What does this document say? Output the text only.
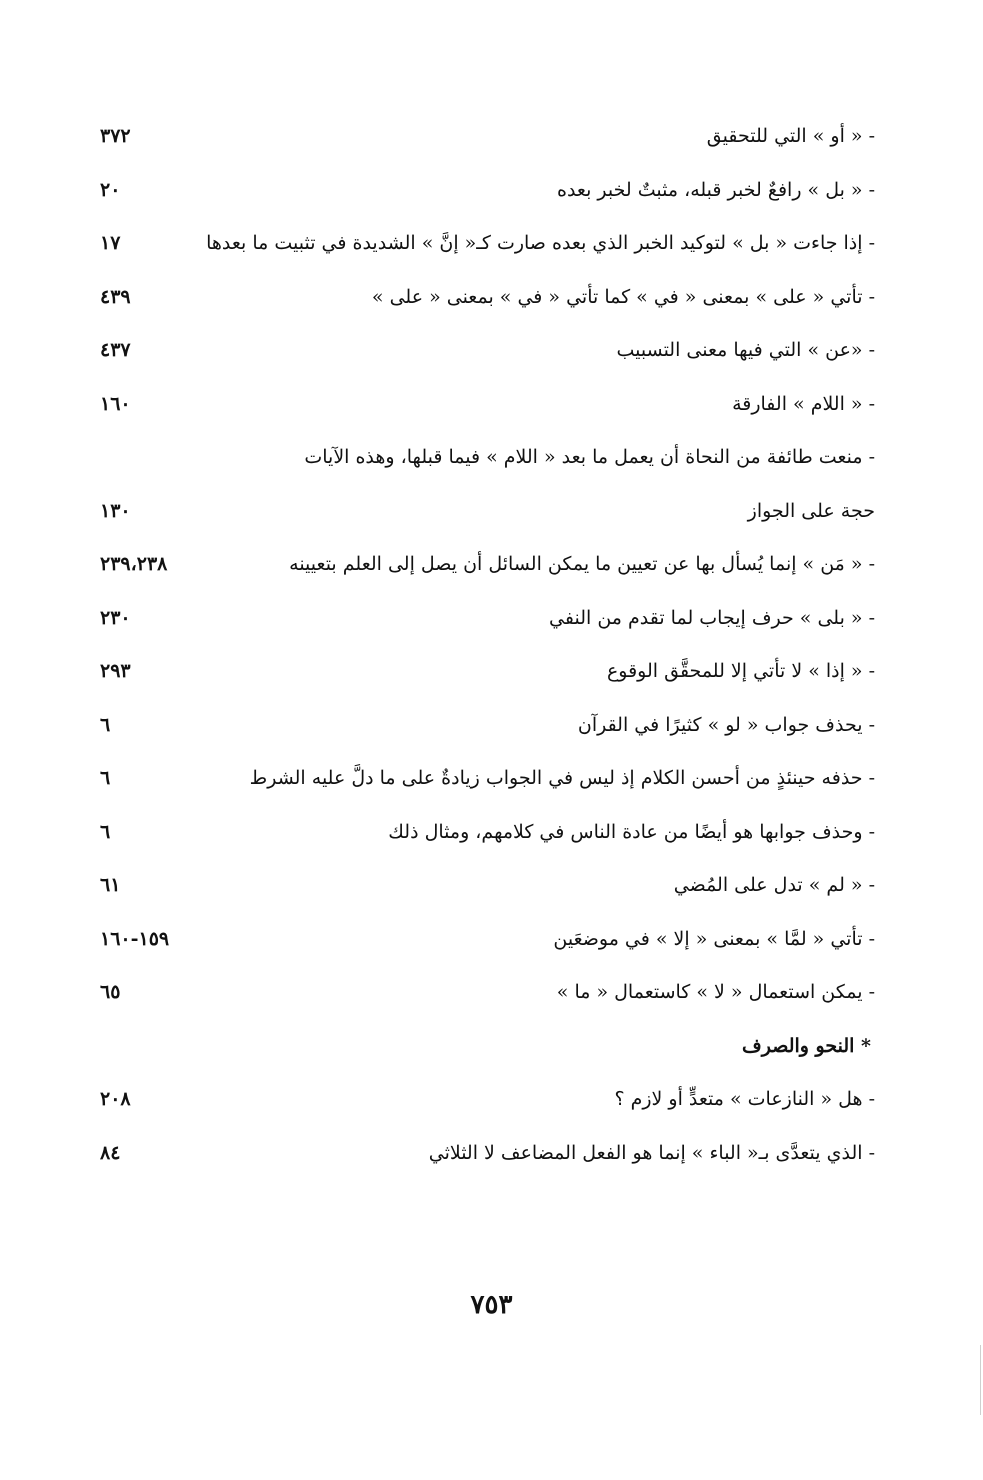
- « أو » التي للتحقيق
٣٧٢
- « بل » رافعٌ لخبر قبله، مثبتٌ لخبر بعده
٢٠
- إذا جاءت « بل » لتوكيد الخبر الذي بعده صارت كـ« إنَّ » الشديدة في تثبيت ما بعدها
١٧
- تأتي « على » بمعنى « في » كما تأتي « في » بمعنى « على »
٤٣٩
- «عن » التي فيها معنى التسبيب
٤٣٧
- « اللام » الفارقة
١٦٠
- منعت طائفة من النحاة أن يعمل ما بعد « اللام » فيما قبلها، وهذه الآيات
حجة على الجواز
١٣٠
- « مَن » إنما يُسأل بها عن تعيين ما يمكن السائل أن يصل إلى العلم بتعيينه
٢٣٩،٢٣٨
- « بلى » حرف إيجاب لما تقدم من النفي
٢٣٠
- « إذا » لا تأتي إلا للمحقَّق الوقوع
٢٩٣
- يحذف جواب « لو » كثيرًا في القرآن
٦
- حذفه حينئذٍ من أحسن الكلام إذ ليس في الجواب زيادةٌ على ما دلَّ عليه الشرط
٦
- وحذف جوابها هو أيضًا من عادة الناس في كلامهم، ومثال ذلك
٦
- « لم » تدل على المُضي
٦١
- تأتي « لمَّا » بمعنى « إلا » في موضعَين
١٥٩-١٦٠
- يمكن استعمال « لا » كاستعمال « ما »
٦٥
* النحو والصرف
- هل « النازعات » متعدٍّ أو لازم ؟
٢٠٨
- الذي يتعدَّى بـ« الباء » إنما هو الفعل المضاعف لا الثلاثي
٨٤
٧٥٣
